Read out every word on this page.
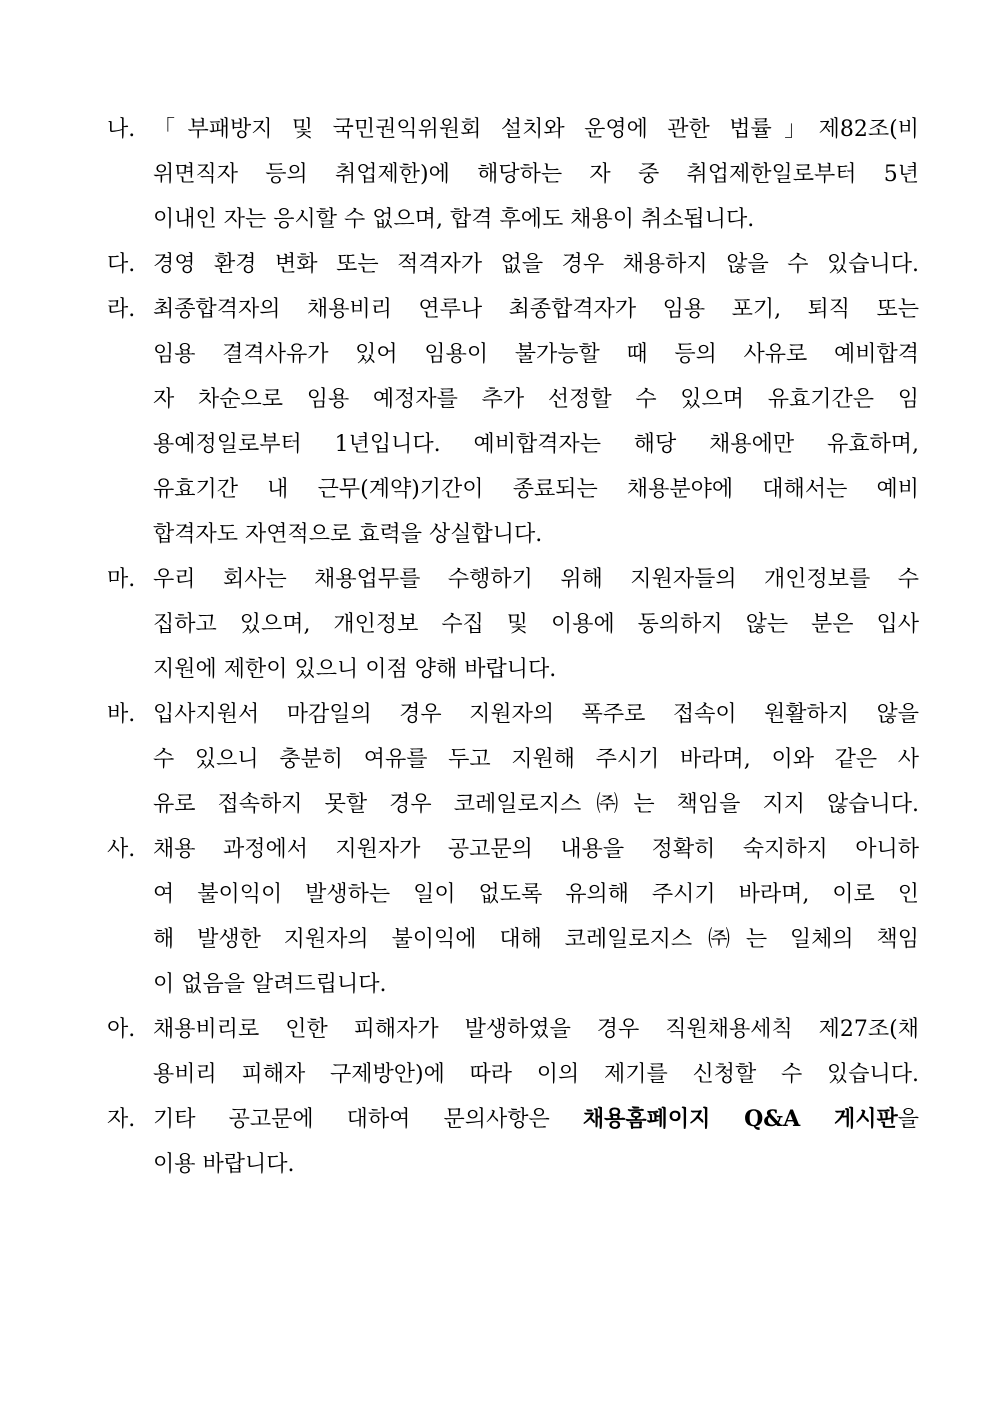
나. 「부패방지 및 국민권익위원회 설치와 운영에 관한 법률」제82조(비
위면직자 등의 취업제한)에 해당하는 자 중 취업제한일로부터 5년
이내인 자는 응시할 수 없으며, 합격 후에도 채용이 취소됩니다.
다. 경영 환경 변화 또는 적격자가 없을 경우 채용하지 않을 수 있습니다.
라. 최종합격자의 채용비리 연루나 최종합격자가 임용 포기, 퇴직 또는
임용 결격사유가 있어 임용이 불가능할 때 등의 사유로 예비합격
자 차순으로 임용 예정자를 추가 선정할 수 있으며 유효기간은 임
용예정일로부터 1년입니다. 예비합격자는 해당 채용에만 유효하며,
유효기간 내 근무(계약)기간이 종료되는 채용분야에 대해서는 예비
합격자도 자연적으로 효력을 상실합니다.
마. 우리 회사는 채용업무를 수행하기 위해 지원자들의 개인정보를 수
집하고 있으며, 개인정보 수집 및 이용에 동의하지 않는 분은 입사
지원에 제한이 있으니 이점 양해 바랍니다.
바. 입사지원서 마감일의 경우 지원자의 폭주로 접속이 원활하지 않을
수 있으니 충분히 여유를 두고 지원해 주시기 바라며, 이와 같은 사
유로 접속하지 못할 경우 코레일로지스㈜는 책임을 지지 않습니다.
사. 채용 과정에서 지원자가 공고문의 내용을 정확히 숙지하지 아니하
여 불이익이 발생하는 일이 없도록 유의해 주시기 바라며, 이로 인
해 발생한 지원자의 불이익에 대해 코레일로지스㈜는 일체의 책임
이 없음을 알려드립니다.
아. 채용비리로 인한 피해자가 발생하였을 경우 직원채용세칙 제27조(채
용비리 피해자 구제방안)에 따라 이의 제기를 신청할 수 있습니다.
자. 기타 공고문에 대하여 문의사항은 채용홈페이지 Q&A 게시판을
이용 바랍니다.
